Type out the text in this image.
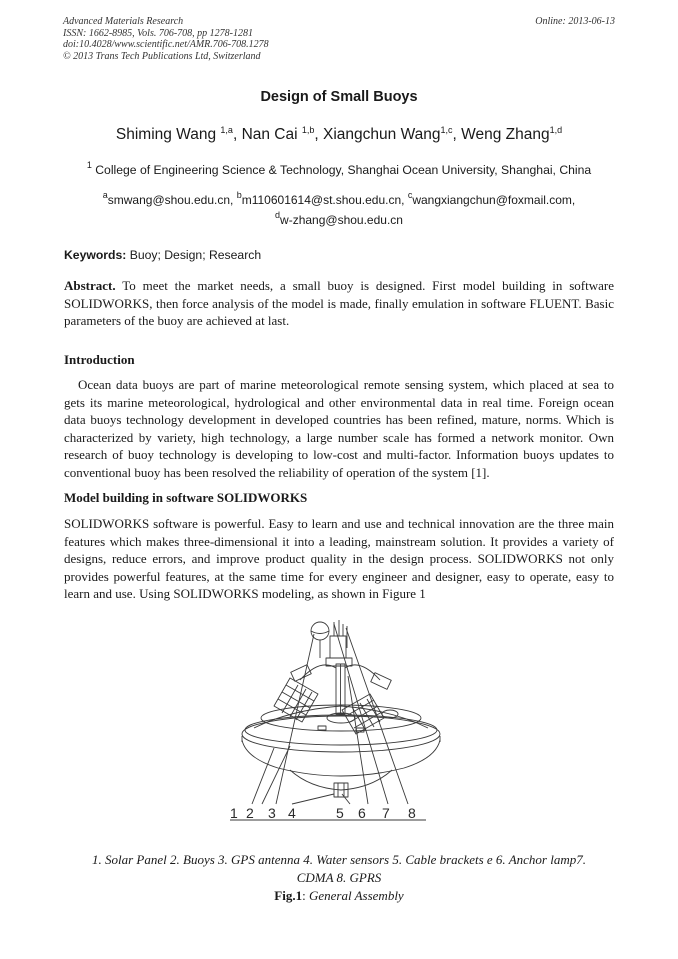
Advanced Materials Research
ISSN: 1662-8985, Vols. 706-708, pp 1278-1281
doi:10.4028/www.scientific.net/AMR.706-708.1278
© 2013 Trans Tech Publications Ltd, Switzerland
Online: 2013-06-13
Design of Small Buoys
Shiming Wang $^{1,a}$, Nan Cai $^{1,b}$, Xiangchun Wang$^{1,c}$, Weng Zhang$^{1,d}$
$^1$ College of Engineering Science & Technology, Shanghai Ocean University, Shanghai, China
$^a$smwang@shou.edu.cn, $^b$m110601614@st.shou.edu.cn, $^c$wangxiangchun@foxmail.com,
$^d$w-zhang@shou.edu.cn
Keywords: Buoy; Design; Research
Abstract. To meet the market needs, a small buoy is designed. First model building in software SOLIDWORKS, then force analysis of the model is made, finally emulation in software FLUENT. Basic parameters of the buoy are achieved at last.
Introduction
Ocean data buoys are part of marine meteorological remote sensing system, which placed at sea to gets its marine meteorological, hydrological and other environmental data in real time. Foreign ocean data buoys technology development in developed countries has been refined, mature, norms. Which is characterized by variety, high technology, a large number scale has formed a network monitor. Own research of buoy technology is developing to low-cost and multi-factor. Information buoys updates to conventional buoy has been resolved the reliability of operation of the system [1].
Model building in software SOLIDWORKS
SOLIDWORKS software is powerful. Easy to learn and use and technical innovation are the three main features which makes three-dimensional it into a leading, mainstream solution. It provides a variety of designs, reduce errors, and improve product quality in the design process. SOLIDWORKS not only provides powerful features, at the same time for every engineer and designer, easy to operate, easy to learn and use. Using SOLIDWORKS modeling, as shown in Figure 1
1 2 3 4	5 6 7 8
1. Solar Panel 2. Buoys 3. GPS antenna 4. Water sensors 5. Cable brackets e 6. Anchor lamp7.
CDMA 8. GPRS
Fig.1: General Assembly
